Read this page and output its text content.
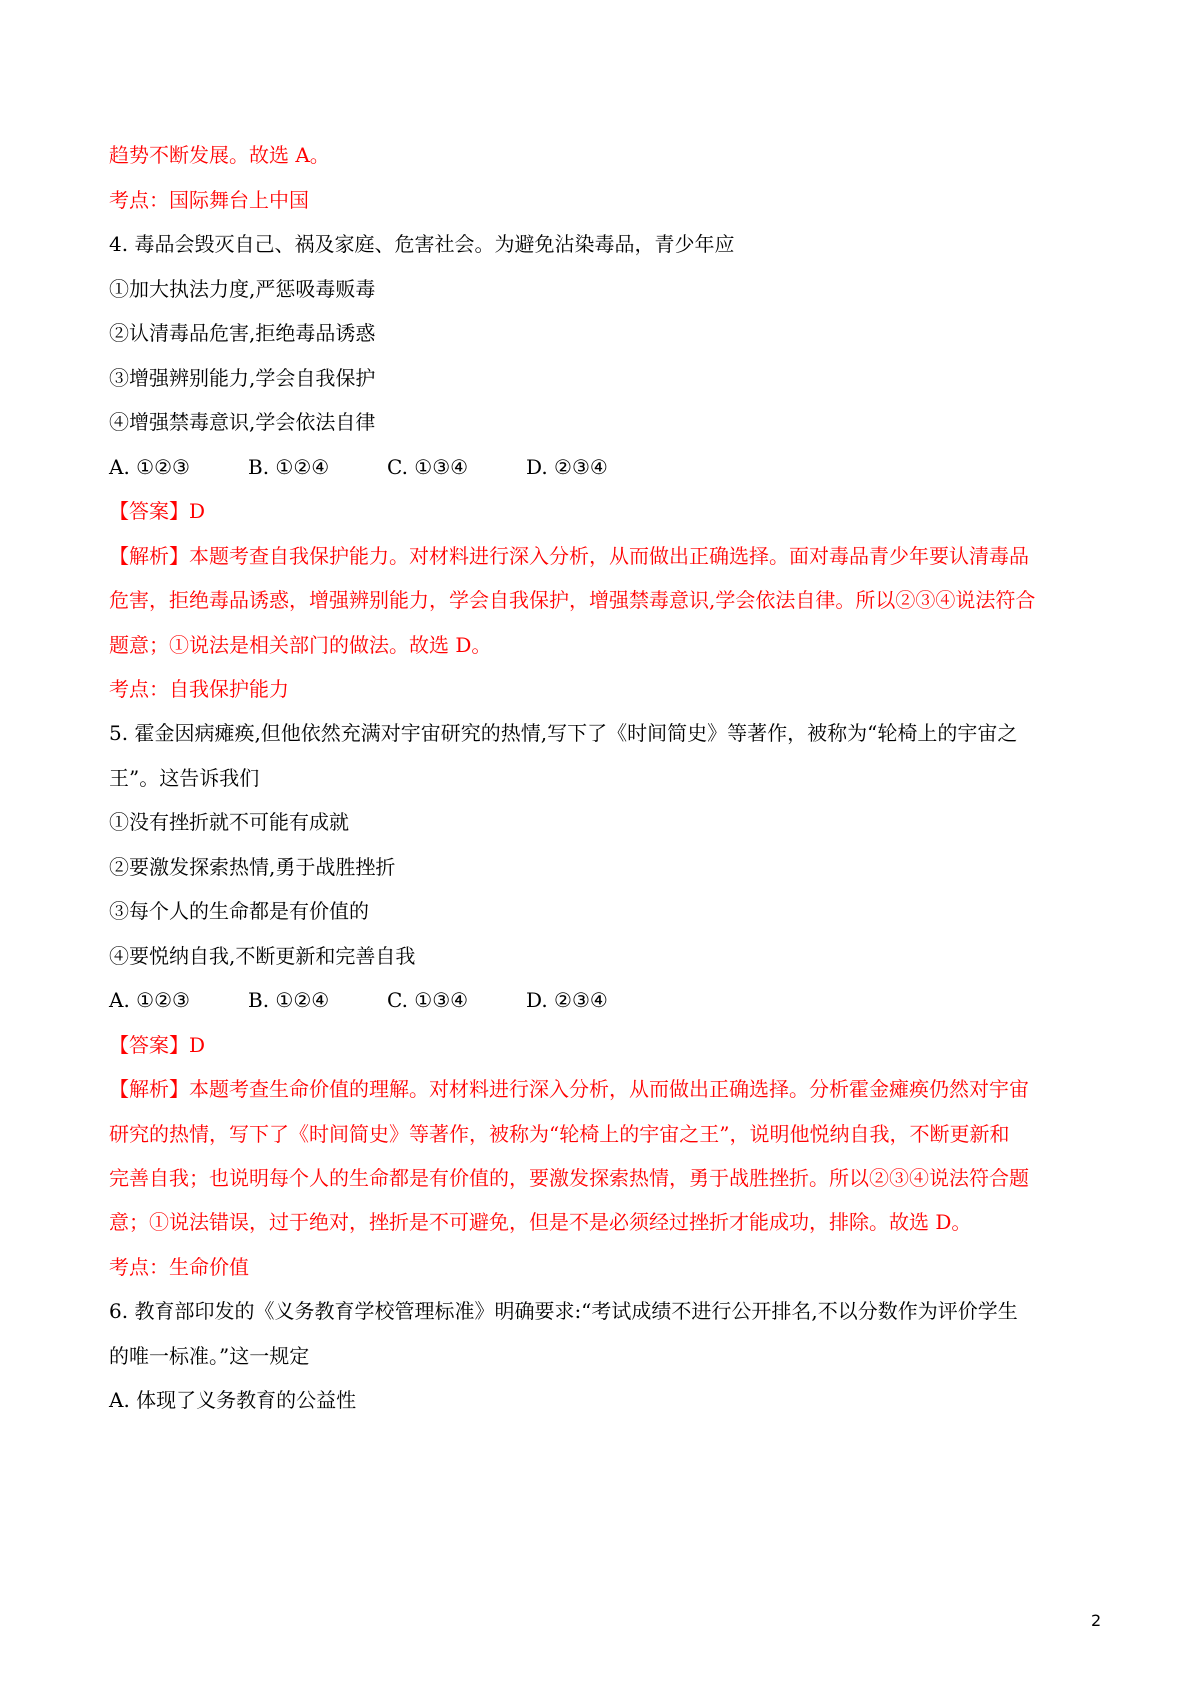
趋势不断发展。故选 A。
考点：国际舞台上中国
4. 毒品会毁灭自己、祸及家庭、危害社会。为避免沾染毒品，青少年应
①加大执法力度,严惩吸毒贩毒
②认清毒品危害,拒绝毒品诱惑
③增强辨别能力,学会自我保护
④增强禁毒意识,学会依法自律
A. ①②③	B. ①②④	C. ①③④	D. ②③④
【答案】D
【解析】本题考查自我保护能力。对材料进行深入分析，从而做出正确选择。面对毒品青少年要认清毒品
危害，拒绝毒品诱惑，增强辨别能力，学会自我保护，增强禁毒意识,学会依法自律。所以②③④说法符合
题意；①说法是相关部门的做法。故选 D。
考点：自我保护能力
5. 霍金因病瘫痪,但他依然充满对宇宙研究的热情,写下了《时间简史》等著作，被称为“轮椅上的宇宙之
王”。这告诉我们
①没有挫折就不可能有成就
②要激发探索热情,勇于战胜挫折
③每个人的生命都是有价值的
④要悦纳自我,不断更新和完善自我
A. ①②③	B. ①②④	C. ①③④	D. ②③④
【答案】D
【解析】本题考查生命价值的理解。对材料进行深入分析，从而做出正确选择。分析霍金瘫痪仍然对宇宙
研究的热情，写下了《时间简史》等著作，被称为“轮椅上的宇宙之王”，说明他悦纳自我，不断更新和
完善自我；也说明每个人的生命都是有价值的，要激发探索热情，勇于战胜挫折。所以②③④说法符合题
意；①说法错误，过于绝对，挫折是不可避免，但是不是必须经过挫折才能成功，排除。故选 D。
考点：生命价值
6. 教育部印发的《义务教育学校管理标准》明确要求:“考试成绩不进行公开排名,不以分数作为评价学生
的唯一标准。”这一规定
A. 体现了义务教育的公益性
2
